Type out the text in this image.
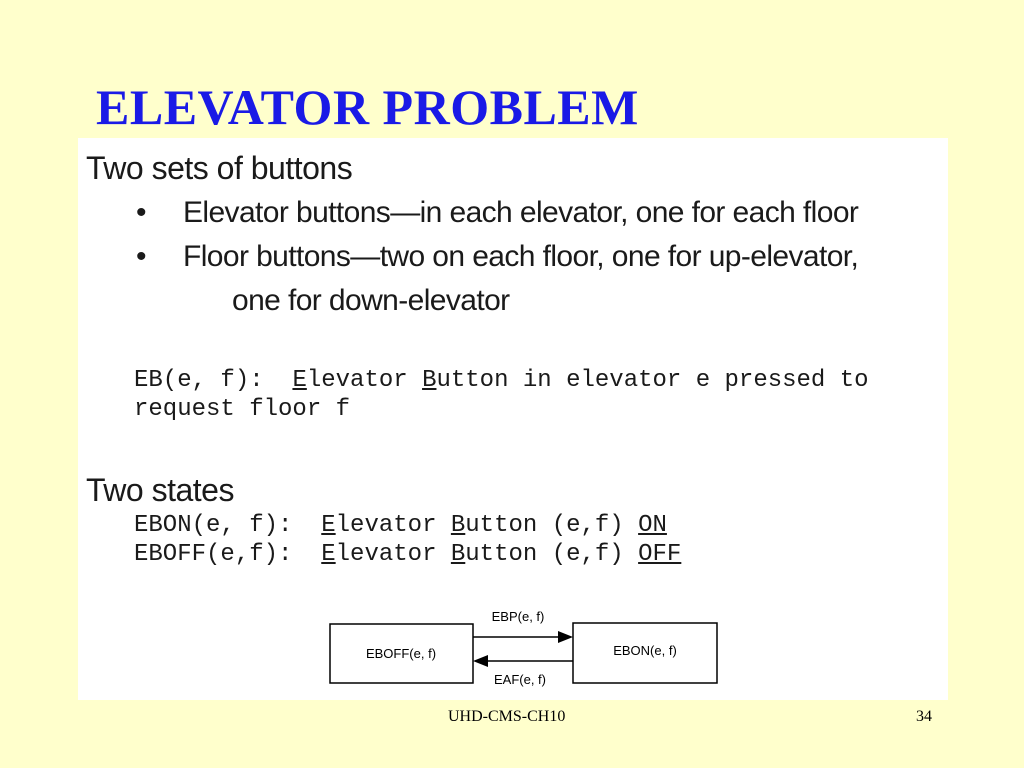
ELEVATOR PROBLEM
Two sets of buttons
• Elevator buttons—in each elevator, one for each floor
• Floor buttons—two on each floor, one for up-elevator,
one for down-elevator
EB(e, f): Elevator Button in elevator e pressed to
request floor f
Two states
EBON(e, f): Elevator Button (e,f) ON
EBOFF(e,f): Elevator Button (e,f) OFF
EBOFF(e, f)	EBON(e, f)
EBP(e, f)
EAF(e, f)
UHD-CMS-CH10	34
